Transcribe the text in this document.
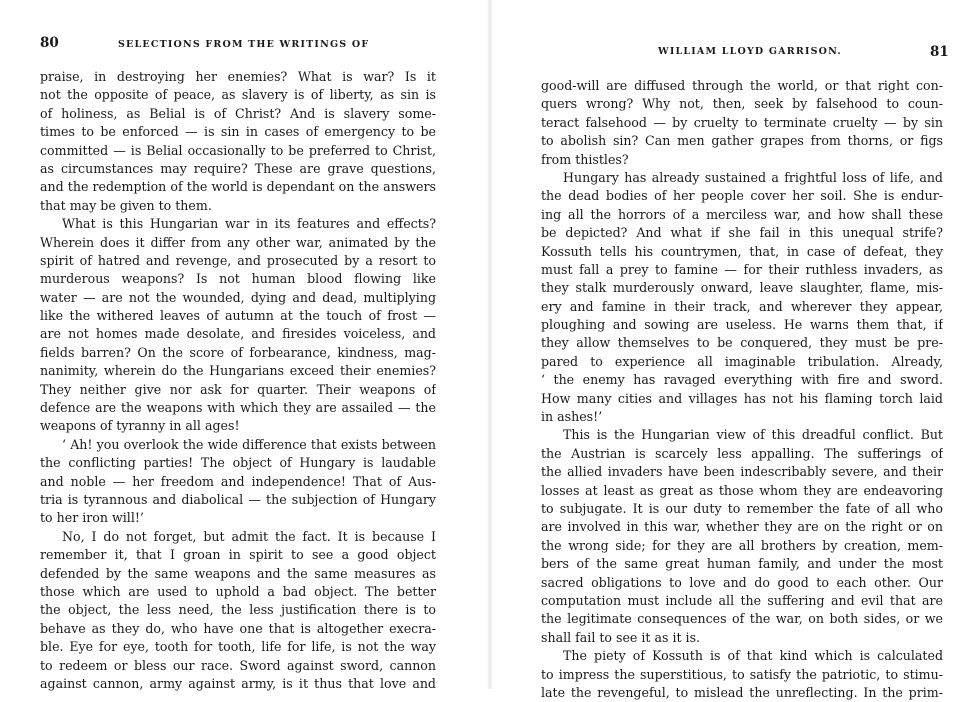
80	SELECTIONS FROM THE WRITINGS OF
praise, in destroying her enemies? What is war? Is it
not the opposite of peace, as slavery is of liberty, as sin is
of holiness, as Belial is of Christ? And is slavery some-
times to be enforced — is sin in cases of emergency to be
committed — is Belial occasionally to be preferred to Christ,
as circumstances may require? These are grave questions,
and the redemption of the world is dependant on the answers
that may be given to them.
What is this Hungarian war in its features and effects?
Wherein does it differ from any other war, animated by the
spirit of hatred and revenge, and prosecuted by a resort to
murderous weapons? Is not human blood flowing like
water — are not the wounded, dying and dead, multiplying
like the withered leaves of autumn at the touch of frost —
are not homes made desolate, and firesides voiceless, and
fields barren? On the score of forbearance, kindness, mag-
nanimity, wherein do the Hungarians exceed their enemies?
They neither give nor ask for quarter. Their weapons of
defence are the weapons with which they are assailed — the
weapons of tyranny in all ages!
‘ Ah! you overlook the wide difference that exists between
the conflicting parties! The object of Hungary is laudable
and noble — her freedom and independence! That of Aus-
tria is tyrannous and diabolical — the subjection of Hungary
to her iron will!’
No, I do not forget, but admit the fact. It is because I
remember it, that I groan in spirit to see a good object
defended by the same weapons and the same measures as
those which are used to uphold a bad object. The better
the object, the less need, the less justification there is to
behave as they do, who have one that is altogether execra-
ble. Eye for eye, tooth for tooth, life for life, is not the way
to redeem or bless our race. Sword against sword, cannon
against cannon, army against army, is it thus that love and
WILLIAM LLOYD GARRISON.	81
good-will are diffused through the world, or that right con-
quers wrong? Why not, then, seek by falsehood to coun-
teract falsehood — by cruelty to terminate cruelty — by sin
to abolish sin? Can men gather grapes from thorns, or figs
from thistles?
Hungary has already sustained a frightful loss of life, and
the dead bodies of her people cover her soil. She is endur-
ing all the horrors of a merciless war, and how shall these
be depicted? And what if she fail in this unequal strife?
Kossuth tells his countrymen, that, in case of defeat, they
must fall a prey to famine — for their ruthless invaders, as
they stalk murderously onward, leave slaughter, flame, mis-
ery and famine in their track, and wherever they appear,
ploughing and sowing are useless. He warns them that, if
they allow themselves to be conquered, they must be pre-
pared to experience all imaginable tribulation. Already,
‘ the enemy has ravaged everything with fire and sword.
How many cities and villages has not his flaming torch laid
in ashes!’
This is the Hungarian view of this dreadful conflict. But
the Austrian is scarcely less appalling. The sufferings of
the allied invaders have been indescribably severe, and their
losses at least as great as those whom they are endeavoring
to subjugate. It is our duty to remember the fate of all who
are involved in this war, whether they are on the right or on
the wrong side; for they are all brothers by creation, mem-
bers of the same great human family, and under the most
sacred obligations to love and do good to each other. Our
computation must include all the suffering and evil that are
the legitimate consequences of the war, on both sides, or we
shall fail to see it as it is.
The piety of Kossuth is of that kind which is calculated
to impress the superstitious, to satisfy the patriotic, to stimu-
late the revengeful, to mislead the unreflecting. In the prim-
